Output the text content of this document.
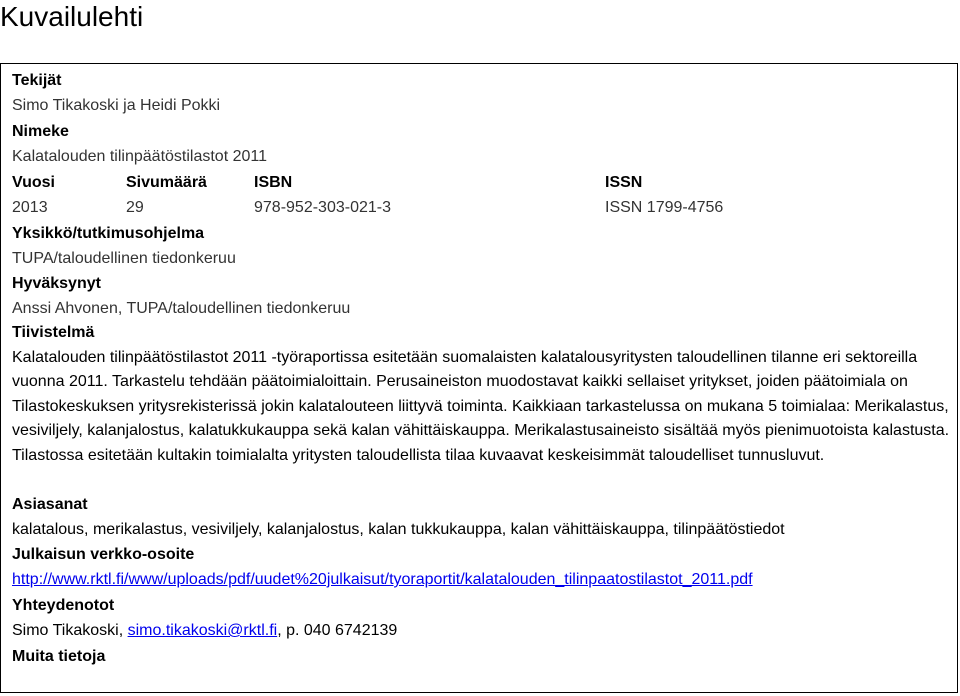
Kuvailulehti
Tekijät
Simo Tikakoski ja Heidi Pokki
Nimeke
Kalatalouden tilinpäätöstilastot 2011
Vuosi
2013
Sivumäärä
29
ISBN
978-952-303-021-3
ISSN
ISSN 1799-4756
Yksikkö/tutkimusohjelma
TUPA/taloudellinen tiedonkeruu
Hyväksynyt
Anssi Ahvonen, TUPA/taloudellinen tiedonkeruu
Tiivistelmä

Kalatalouden tilinpäätöstilastot 2011 -työraportissa esitetään suomalaisten kalatalousyritysten taloudellinen tilanne eri sektoreilla vuonna 2011. Tarkastelu tehdään päätoimialoittain. Perusaineiston muodostavat kaikki sellaiset yritykset, joiden päätoimiala on Tilastokeskuksen yritysrekisterissä jokin kalatalouteen liittyvä toiminta. Kaikkiaan tarkastelussa on mukana 5 toimialaa: Merikalastus, vesiviljely, kalanjalostus, kalatukkukauppa sekä kalan vähittäiskauppa. Merikalastusaineisto sisältää myös pienimuotoista kalastusta. Tilastossa esitetään kultakin toimialalta yritysten taloudellista tilaa kuvaavat keskeisimmät taloudelliset tunnusluvut.

Asiasanat
kalatalous, merikalastus, vesiviljely, kalanjalostus, kalan tukkukauppa, kalan vähittäiskauppa, tilinpäätöstiedot
Julkaisun verkko-osoite
http://www.rktl.fi/www/uploads/pdf/uudet%20julkaisut/tyoraportit/kalatalouden_tilinpaatostilastot_2011.pdf
Yhteydenotot
Simo Tikakoski, simo.tikakoski@rktl.fi, p. 040 6742139
Muita tietoja
